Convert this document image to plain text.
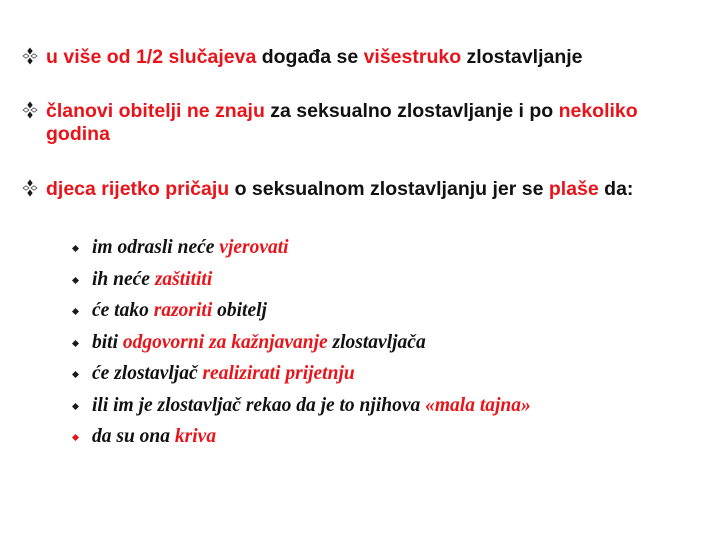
u više od 1/2 slučajeva događa se višestruko zlostavljanje
članovi obitelji ne znaju za seksualno zlostavljanje i po nekoliko godina
djeca rijetko pričaju o seksualnom zlostavljanju jer se plaše da:
im odrasli neće vjerovati
ih neće zaštititi
će tako razoriti obitelj
biti odgovorni za kažnjavanje zlostavljača
će zlostavljač realizirati prijetnju
ili im je zlostavljač rekao da je to njihova «mala tajna»
da su ona kriva
